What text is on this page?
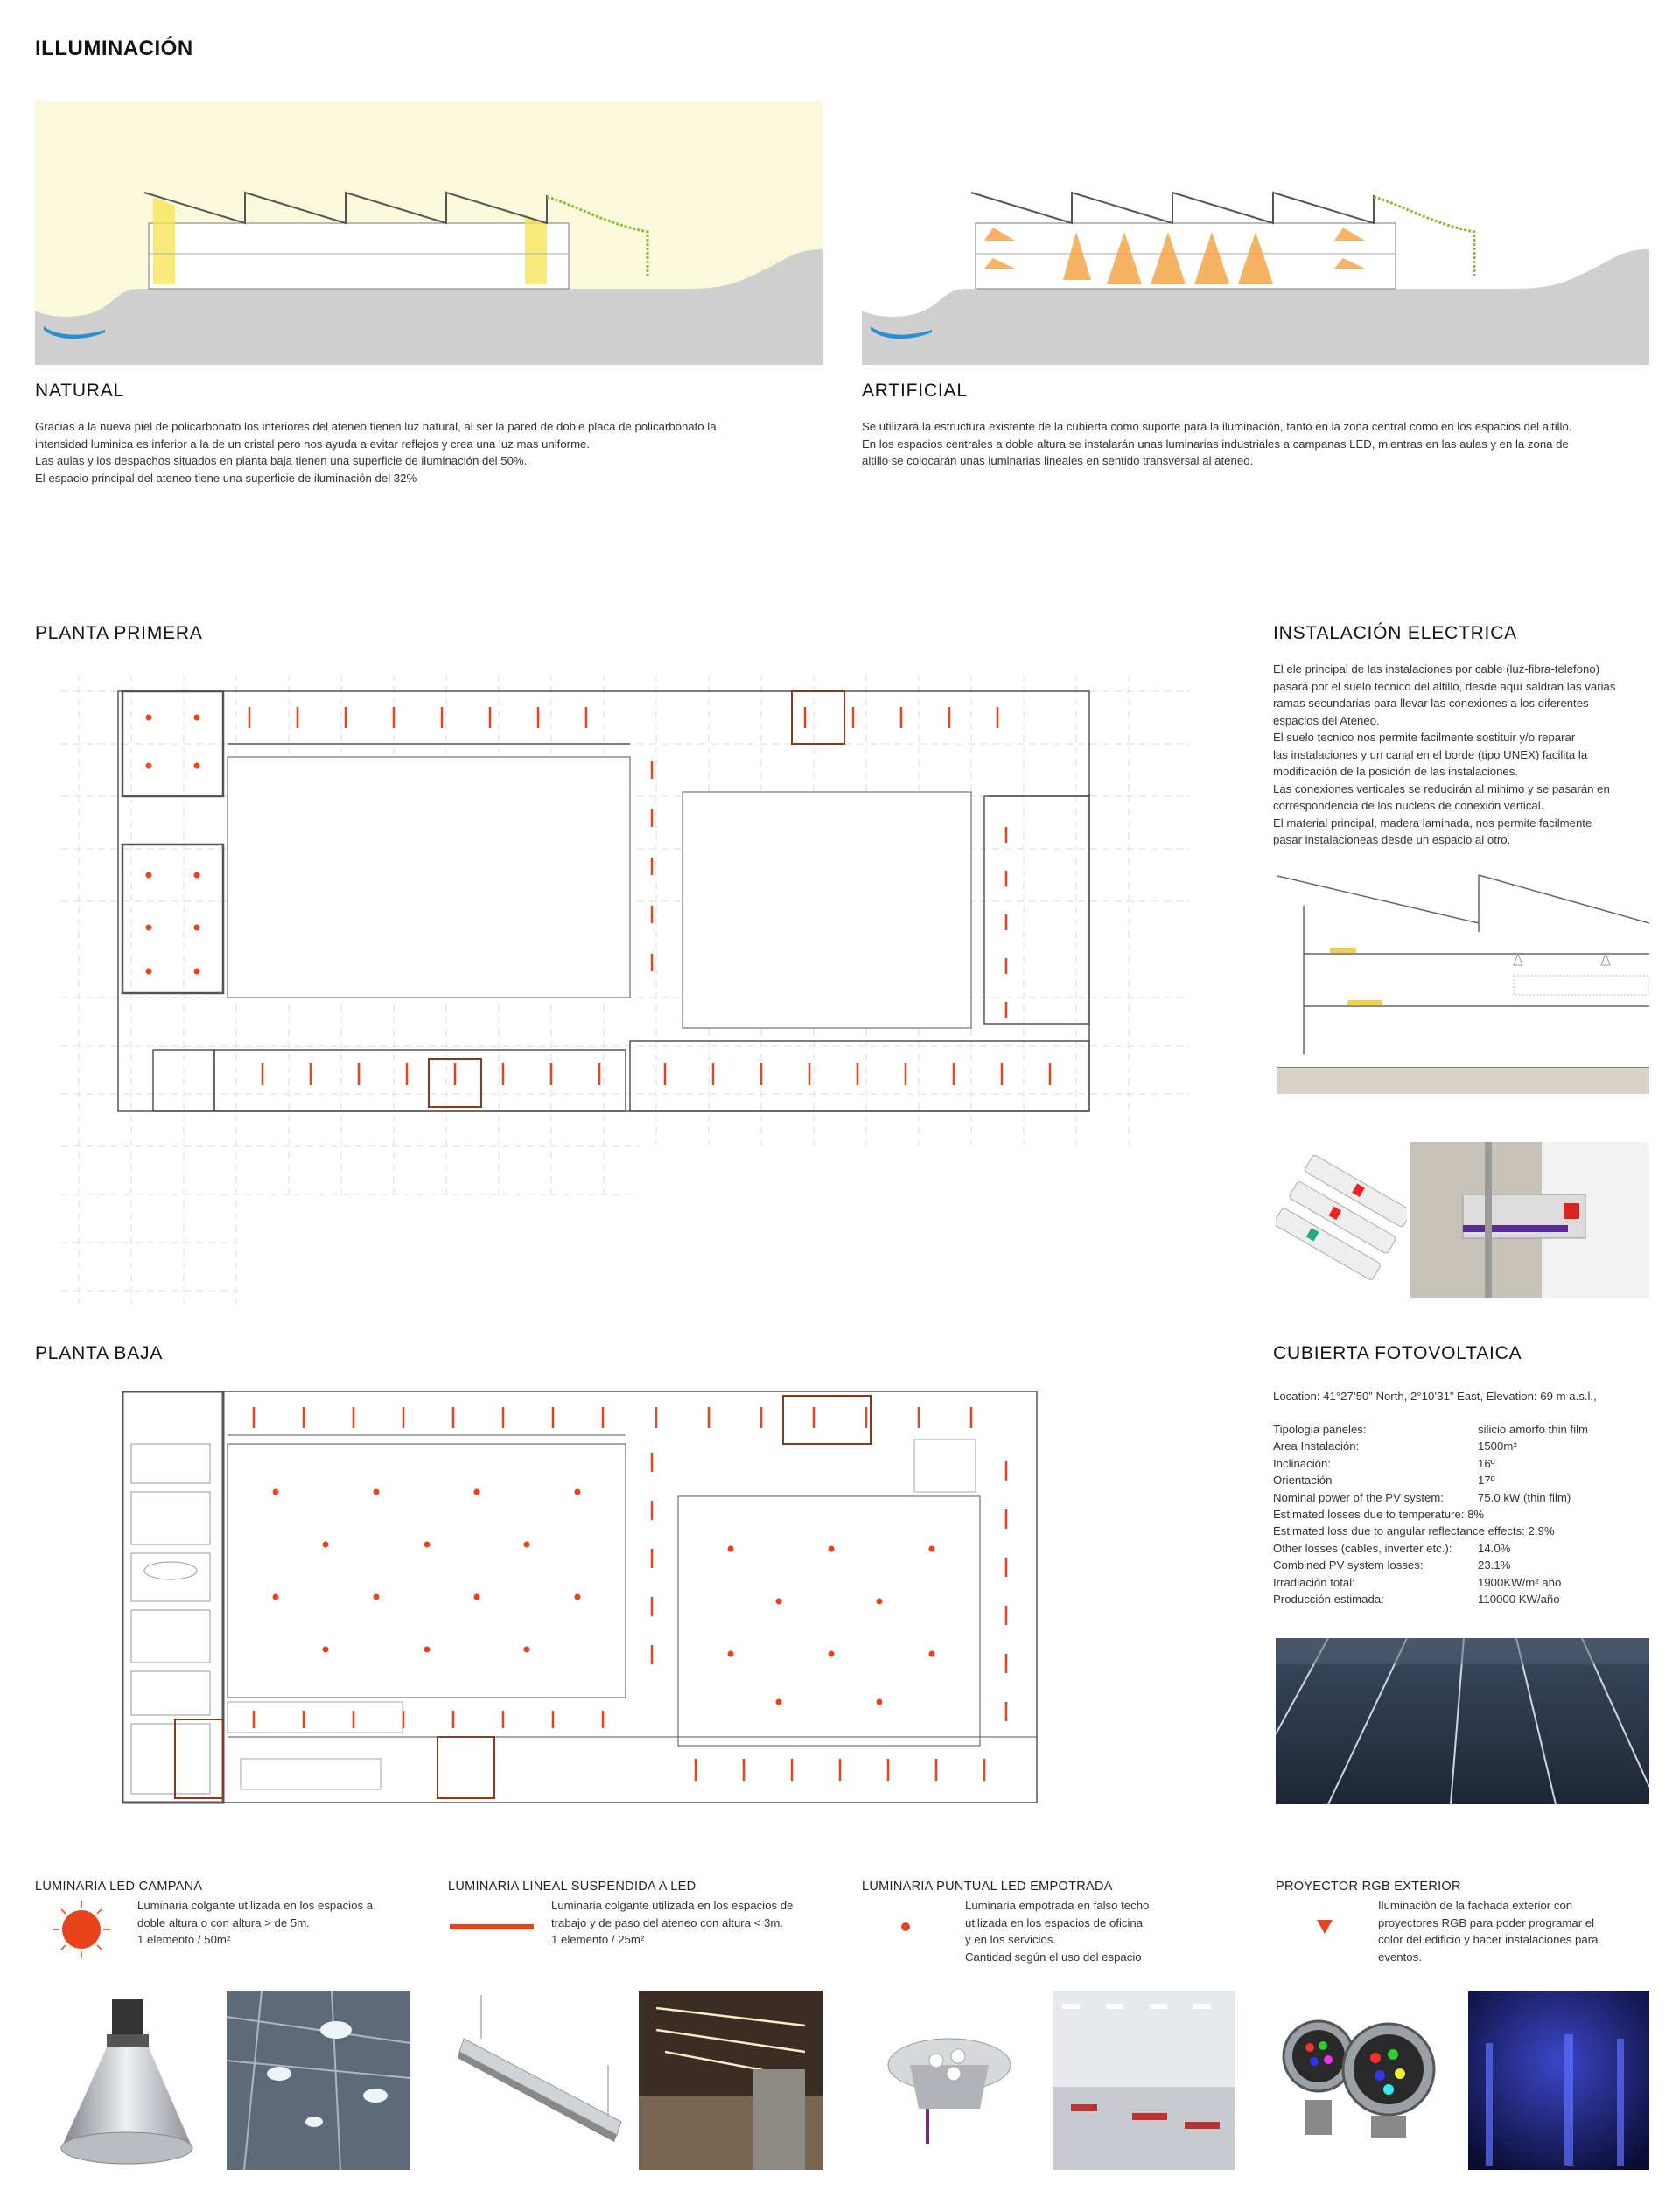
ILLUMINACIÓN
NATURAL

Gracias a la nueva piel de policarbonato los interiores del ateneo tienen luz natural, al ser la pared de doble placa de policarbonato la

intensidad luminica es inferior a la de un cristal pero nos ayuda a evitar reflejos y crea una luz mas uniforme.

Las aulas y los despachos situados en planta baja tienen una superficie de iluminación del 50%.

El espacio principal del ateneo tiene una superficie de iluminación del 32%

ARTIFICIAL

Se utilizará la estructura existente de la cubierta como suporte para la iluminación, tanto en la zona central como en los espacios del altillo.

En los espacios centrales a doble altura se instalarán unas luminarias industriales a campanas LED, mientras en las aulas y en la zona de

altillo se colocarán unas luminarias lineales en sentido transversal al ateneo.

PLANTA PRIMERA
PLANTA BAJA
INSTALACIÓN ELECTRICA

El ele principal de las instalaciones por cable (luz-fibra-telefono)

pasará por el suelo tecnico del altillo, desde aquí saldran las varias

ramas secundarias para llevar las conexiones a los diferentes

espacios del Ateneo.

El suelo tecnico nos permite facilmente sostituir y/o reparar

las instalaciones y un canal en el borde (tipo UNEX) facilita la

modificación de la posición de las instalaciones.

Las conexiones verticales se reducirán al minimo y se pasarán en

correspondencia de los nucleos de conexión vertical.

El material principal, madera laminada, nos permite facilmente

pasar instalacioneas desde un espacio al otro.

CUBIERTA FOTOVOLTAICA
Location: 41°27’50” North, 2°10’31” East, Elevation: 69 m a.s.l.,
Tipologia paneles:	silicio amorfo thin film
Area Instalación:	1500m²
Inclinación:	16º
Orientación	17º
Nominal power of the PV system:	75.0 kW (thin film)
Estimated losses due to temperature: 8%
Estimated loss due to angular reflectance effects: 2.9%
Other losses (cables, inverter etc.):	14.0%
Combined PV system losses:	23.1%
Irradiación total:	1900KW/m² año
Producción estimada:	110000 KW/año
LUMINARIA LED CAMPANA

Luminaria colgante utilizada en los espacios a

doble altura o con altura > de 5m.

1 elemento / 50m²

LUMINARIA LINEAL SUSPENDIDA A LED

Luminaria colgante utilizada en los espacios de

trabajo y de paso del ateneo con altura < 3m.

1 elemento / 25m²

LUMINARIA PUNTUAL LED EMPOTRADA

Luminaria empotrada en falso techo

utilizada en los espacios de oficina

y en los servicios.

Cantidad según el uso del espacio

PROYECTOR RGB EXTERIOR

Iluminación de la fachada exterior con

proyectores RGB para poder programar el

color del edificio y hacer instalaciones para

eventos.
